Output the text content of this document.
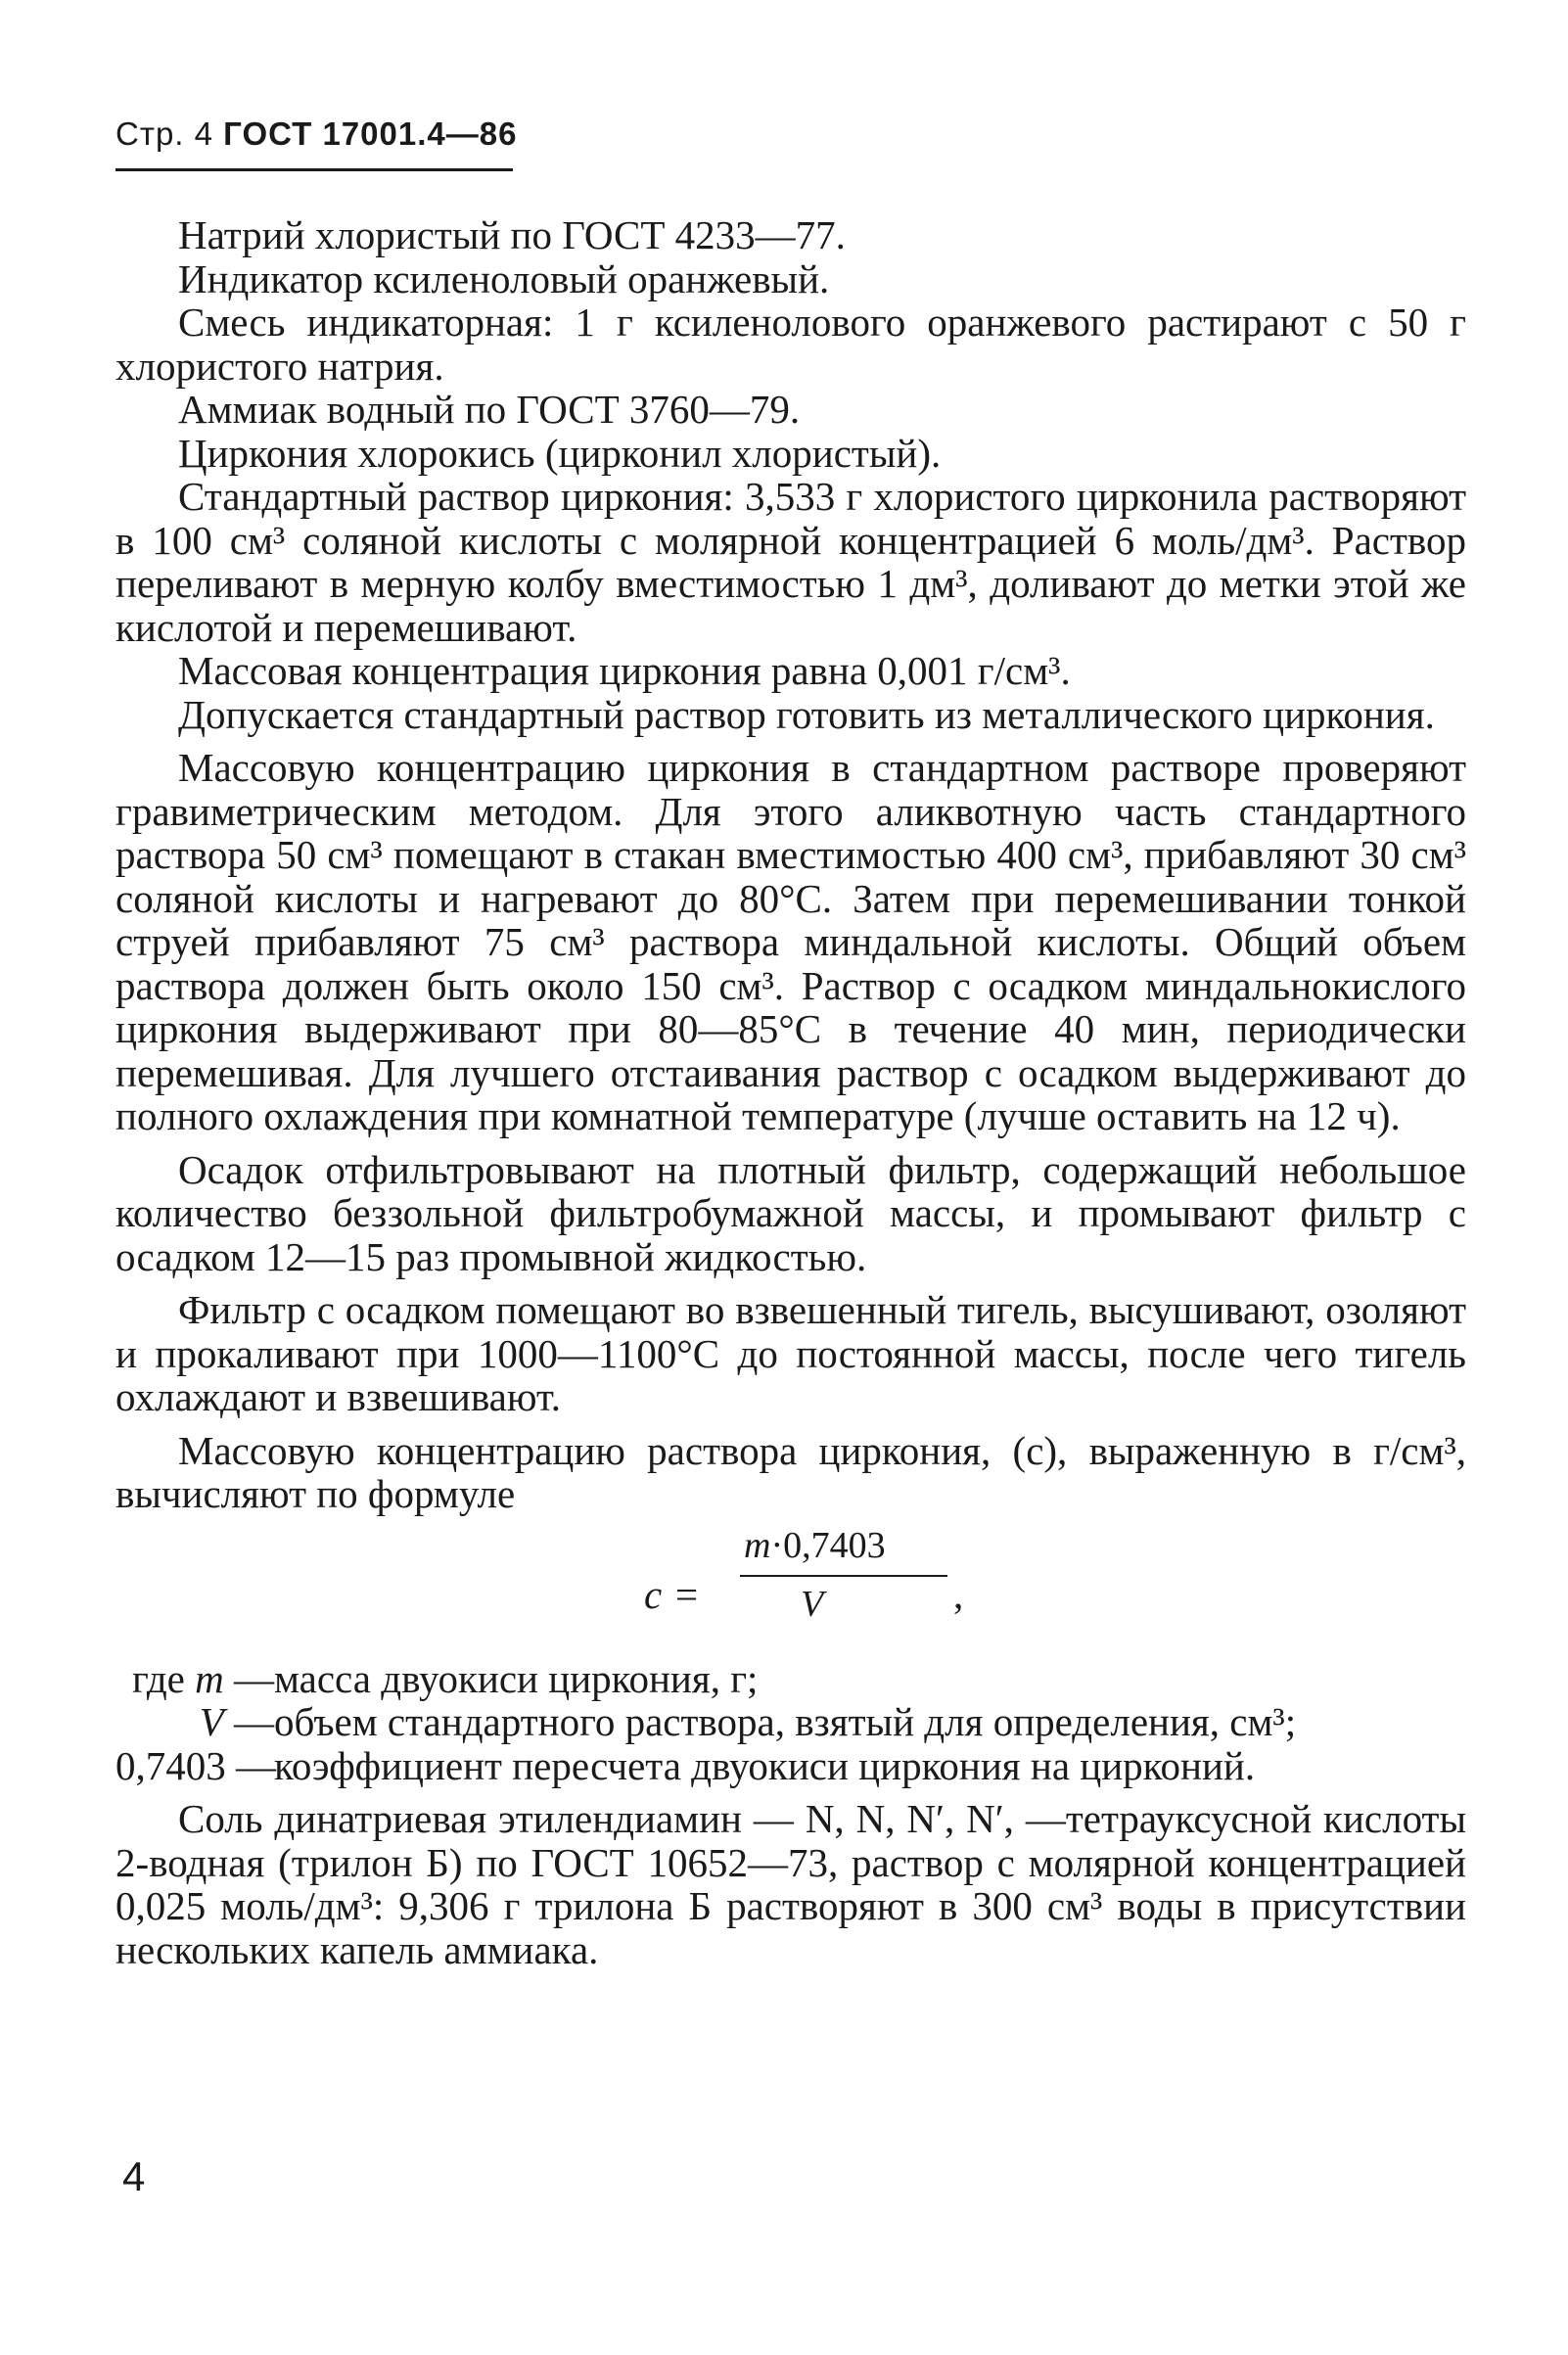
Стр. 4 ГОСТ 17001.4—86

Натрий хлористый по ГОСТ 4233—77.

Индикатор ксиленоловый оранжевый.

Смесь индикаторная: 1 г ксиленолового оранжевого растирают с 50 г хлористого натрия.

Аммиак водный по ГОСТ 3760—79.

Циркония хлорокись (цирконил хлористый).

Стандартный раствор циркония: 3,533 г хлористого цирконила растворяют в 100 см³ соляной кислоты с молярной концентрацией 6 моль/дм³. Раствор переливают в мерную колбу вместимостью 1 дм³, доливают до метки этой же кислотой и перемешивают.

Массовая концентрация циркония равна 0,001 г/см³.

Допускается стандартный раствор готовить из металлического циркония.

Массовую концентрацию циркония в стандартном растворе проверяют гравиметрическим методом. Для этого аликвотную часть стандартного раствора 50 см³ помещают в стакан вместимостью 400 см³, прибавляют 30 см³ соляной кислоты и нагревают до 80°C. Затем при перемешивании тонкой струей прибавляют 75 см³ раствора миндальной кислоты. Общий объем раствора должен быть около 150 см³. Раствор с осадком миндальнокислого циркония выдерживают при 80—85°C в течение 40 мин, периодически перемешивая. Для лучшего отстаивания раствор с осадком выдерживают до полного охлаждения при комнатной температуре (лучше оставить на 12 ч).

Осадок отфильтровывают на плотный фильтр, содержащий небольшое количество беззольной фильтробумажной массы, и промывают фильтр с осадком 12—15 раз промывной жидкостью.

Фильтр с осадком помещают во взвешенный тигель, высушивают, озоляют и прокаливают при 1000—1100°C до постоянной массы, после чего тигель охлаждают и взвешивают.

Массовую концентрацию раствора циркония, (c), выраженную в г/см³, вычисляют по формуле

c =
m·0,7403
V	,
где m — масса двуокиси циркония, г;
V — объем стандартного раствора, взятый для определения, см³;
0,7403 —
коэффициент пересчета двуокиси циркония на цирконий.

Соль динатриевая этилендиамин — N, N, N′, N′, —тетрауксусной кислоты 2-водная (трилон Б) по ГОСТ 10652—73, раствор с молярной концентрацией 0,025 моль/дм³: 9,306 г трилона Б растворяют в 300 см³ воды в присутствии нескольких капель аммиака.

4
